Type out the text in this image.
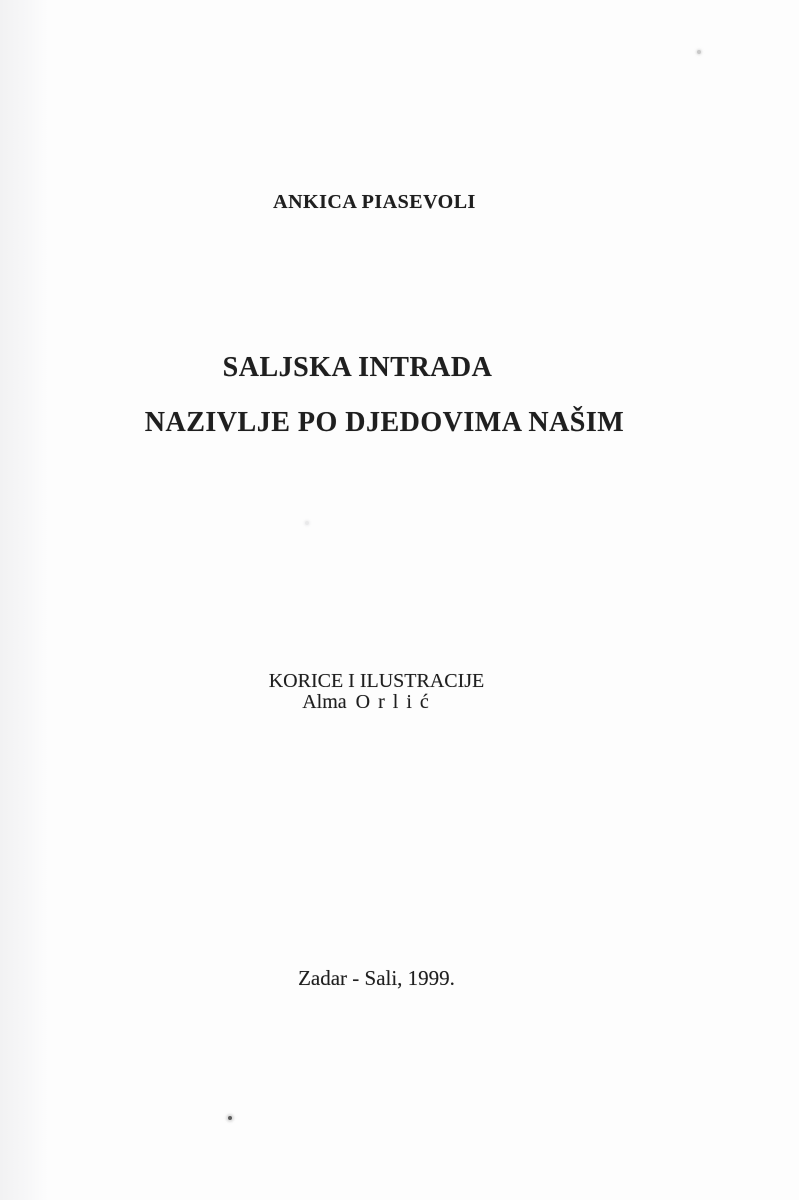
ANKICA PIASEVOLI
SALJSKA INTRADA
NAZIVLJE PO DJEDOVIMA NAŠIM
KORICE I ILUSTRACIJE
Alma Orlić
Zadar - Sali, 1999.
